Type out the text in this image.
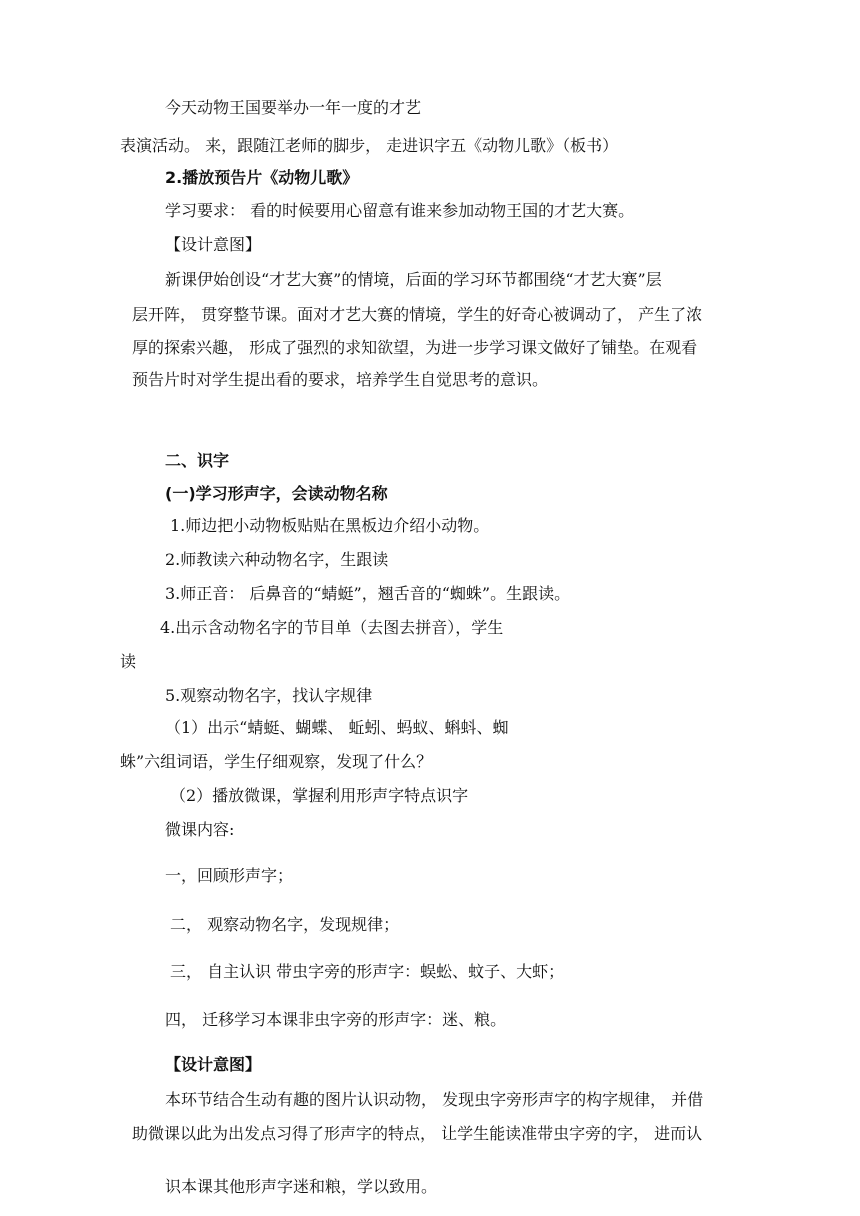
今天动物王国要举办一年一度的才艺
表演活动。 来，跟随江老师的脚步， 走进识字五《动物儿歌》（板书）
2.播放预告片《动物儿歌》
学习要求： 看的时候要用心留意有谁来参加动物王国的才艺大赛。
【设计意图】
新课伊始创设“才艺大赛”的情境，后面的学习环节都围绕“才艺大赛”层
层开阵， 贯穿整节课。面对才艺大赛的情境，学生的好奇心被调动了， 产生了浓
厚的探索兴趣， 形成了强烈的求知欲望，为进一步学习课文做好了铺垫。在观看
预告片时对学生提出看的要求，培养学生自觉思考的意识。
二、识字
(一)学习形声字，会读动物名称
1.师边把小动物板贴贴在黑板边介绍小动物。
2.师教读六种动物名字，生跟读
3.师正音： 后鼻音的“蜻蜓”，翘舌音的“蜘蛛”。生跟读。
4.出示含动物名字的节目单（去图去拼音），学生
读
5.观察动物名字，找认字规律
（1）出示“蜻蜓、蝴蝶、 蚯蚓、蚂蚁、蝌蚪、蜘
蛛”六组词语，学生仔细观察，发现了什么？
（2）播放微课，掌握利用形声字特点识字
微课内容:
一，回顾形声字；
二， 观察动物名字，发现规律；
三， 自主认识 带虫字旁的形声字：蜈蚣、蚊子、大虾；
四， 迁移学习本课非虫字旁的形声字：迷、粮。
【设计意图】
本环节结合生动有趣的图片认识动物， 发现虫字旁形声字的构字规律， 并借
助微课以此为出发点习得了形声字的特点， 让学生能读准带虫字旁的字， 进而认
识本课其他形声字迷和粮，学以致用。
